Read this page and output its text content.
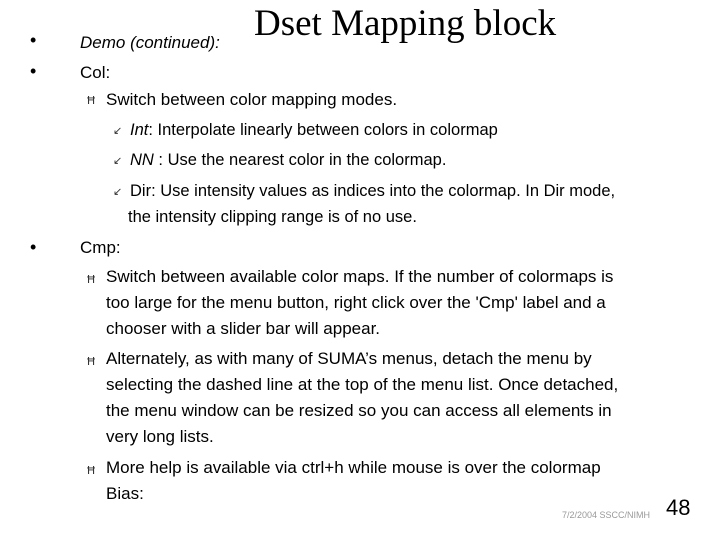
Dset Mapping block
•	Demo (continued):
•	Col:
Ħ Switch between color mapping modes.
↙ Int: Interpolate linearly between colors in colormap
↙ NN : Use the nearest color in the colormap.
↙ Dir: Use intensity values as indices into the colormap. In Dir mode,
the intensity clipping range is of no use.
•	Cmp:
Ħ Switch between available color maps. If the number of colormaps is
too large for the menu button, right click over the 'Cmp' label and a
chooser with a slider bar will appear.
Ħ Alternately, as with many of SUMA’s menus, detach the menu by
selecting the dashed line at the top of the menu list. Once detached,
the menu window can be resized so you can access all elements in
very long lists.
Ħ More help is available via ctrl+h while mouse is over the colormap
Bias:
7/2/2004 SSCC/NIMH 48
